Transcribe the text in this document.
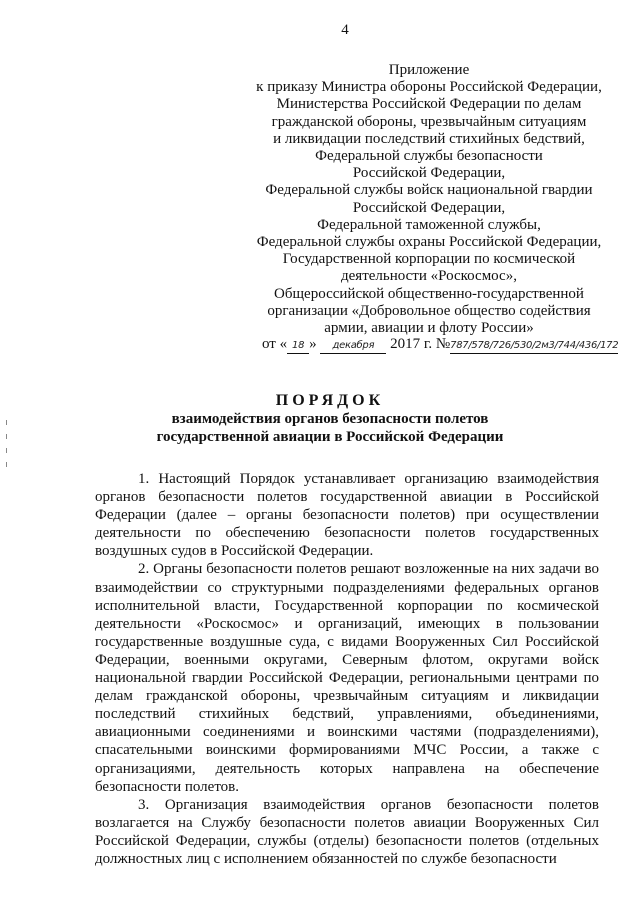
4
Приложение
к приказу Министра обороны Российской Федерации,
Министерства Российской Федерации по делам
гражданской обороны, чрезвычайным ситуациям
и ликвидации последствий стихийных бедствий,
Федеральной службы безопасности
Российской Федерации,
Федеральной службы войск национальной гвардии
Российской Федерации,
Федеральной таможенной службы,
Федеральной службы охраны Российской Федерации,
Государственной корпорации по космической
деятельности «Роскосмос»,
Общероссийской общественно-государственной
организации «Добровольное общество содействия
армии, авиации и флоту России»
от « 18 » декабря 2017 г. №787/578/726/530/2м3/744/436/172
ПОРЯДОК
взаимодействия органов безопасности полетов
государственной авиации в Российской Федерации

1. Настоящий Порядок устанавливает организацию взаимодействия органов безопасности полетов государственной авиации в Российской Федерации (далее – органы безопасности полетов) при осуществлении деятельности по обеспечению безопасности полетов государственных воздушных судов в Российской Федерации.

2. Органы безопасности полетов решают возложенные на них задачи во взаимодействии со структурными подразделениями федеральных органов исполнительной власти, Государственной корпорации по космической деятельности «Роскосмос» и организаций, имеющих в пользовании государственные воздушные суда, с видами Вооруженных Сил Российской Федерации, военными округами, Северным флотом, округами войск национальной гвардии Российской Федерации, региональными центрами по делам гражданской обороны, чрезвычайным ситуациям и ликвидации последствий стихийных бедствий, управлениями, объединениями, авиационными соединениями и воинскими частями (подразделениями), спасательными воинскими формированиями МЧС России, а также с организациями, деятельность которых направлена на обеспечение безопасности полетов.

3. Организация взаимодействия органов безопасности полетов возлагается на Службу безопасности полетов авиации Вооруженных Сил Российской Федерации, службы (отделы) безопасности полетов (отдельных должностных лиц с исполнением обязанностей по службе безопасности
